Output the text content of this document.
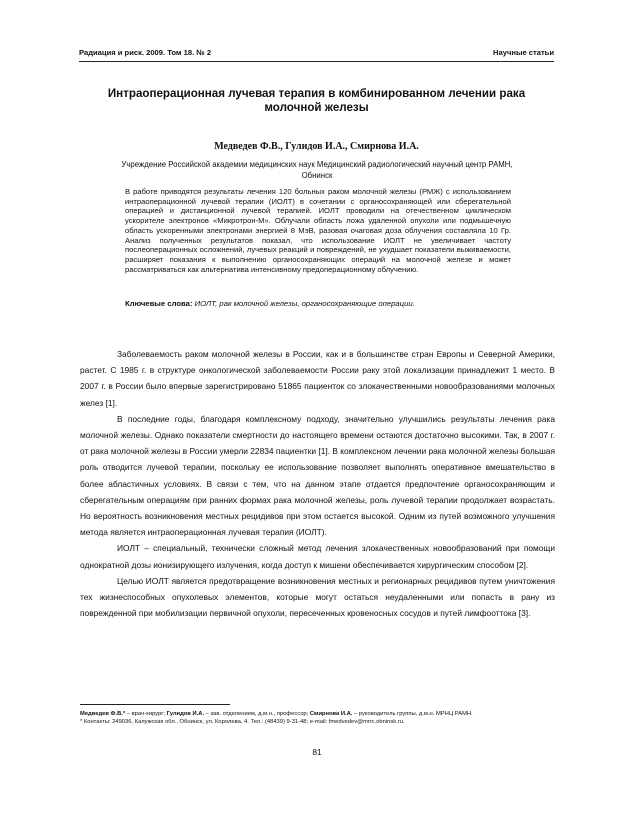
Радиация и риск. 2009. Том 18. № 2	Научные статьи
Интраоперационная лучевая терапия в комбинированном лечении рака молочной железы
Медведев Ф.В., Гулидов И.А., Смирнова И.А.
Учреждение Российской академии медицинских наук Медицинский радиологический научный центр РАМН, Обнинск
В работе приводятся результаты лечения 120 больных раком молочной железы (РМЖ) с использованием интраоперационной лучевой терапии (ИОЛТ) в сочетании с органосохраняющей или сберегательной операцией и дистанционной лучевой терапией. ИОЛТ проводили на отечественном циклическом ускорителе электронов «Микротрон-М». Облучали область ложа удаленной опухоли или подмышечную область ускоренными электронами энергией 8 МэВ, разовая очаговая доза облучения составляла 10 Гр. Анализ полученных результатов показал, что использование ИОЛТ не увеличивает частоту послеоперационных осложнений, лучевых реакций и повреждений, не ухудшает показатели выживаемости, расширяет показания к выполнению органосохраняющих операций на молочной железе и может рассматриваться как альтернатива интенсивному предоперационному облучению.
Ключевые слова: ИОЛТ, рак молочной железы, органосохраняющие операции.

Заболеваемость раком молочной железы в России, как и в большинстве стран Европы и Северной Америки, растет. С 1985 г. в структуре онкологической заболеваемости России раку этой локализации принадлежит 1 место. В 2007 г. в России было впервые зарегистрировано 51865 пациенток со злокачественными новообразованиями молочных желез [1].

В последние годы, благодаря комплексному подходу, значительно улучшились результаты лечения рака молочной железы. Однако показатели смертности до настоящего времени остаются достаточно высокими. Так, в 2007 г. от рака молочной железы в России умерли 22834 пациентки [1]. В комплексном лечении рака молочной железы большая роль отводится лучевой терапии, поскольку ее использование позволяет выполнять оперативное вмешательство в более абластичных условиях. В связи с тем, что на данном этапе отдается предпочтение органосохраняющим и сберегательным операциям при ранних формах рака молочной железы, роль лучевой терапии продолжает возрастать. Но вероятность возникновения местных рецидивов при этом остается высокой. Одним из путей возможного улучшения метода является интраоперационная лучевая терапия (ИОЛТ).

ИОЛТ – специальный, технически сложный метод лечения злокачественных новообразований при помощи однократной дозы ионизирующего излучения, когда доступ к мишени обеспечивается хирургическим способом [2].

Целью ИОЛТ является предотвращение возникновения местных и регионарных рецидивов путем уничтожения тех жизнеспособных опухолевых элементов, которые могут остаться неудаленными или попасть в рану из поврежденной при мобилизации первичной опухоли, пересеченных кровеносных сосудов и путей лимфооттока [3].

Медведев Ф.В.* – врач-хирург; Гулидов И.А. – зав. отделением, д.м.н., профессор; Смирнова И.А. – руководитель группы, д.м.н. МРНЦ РАМН.

* Контакты: 249036, Калужская обл., Обнинск, ул. Королева, 4. Тел.: (48439) 9-31-48; e-mail: fmedvedev@mrrc.obninsk.ru.

81
